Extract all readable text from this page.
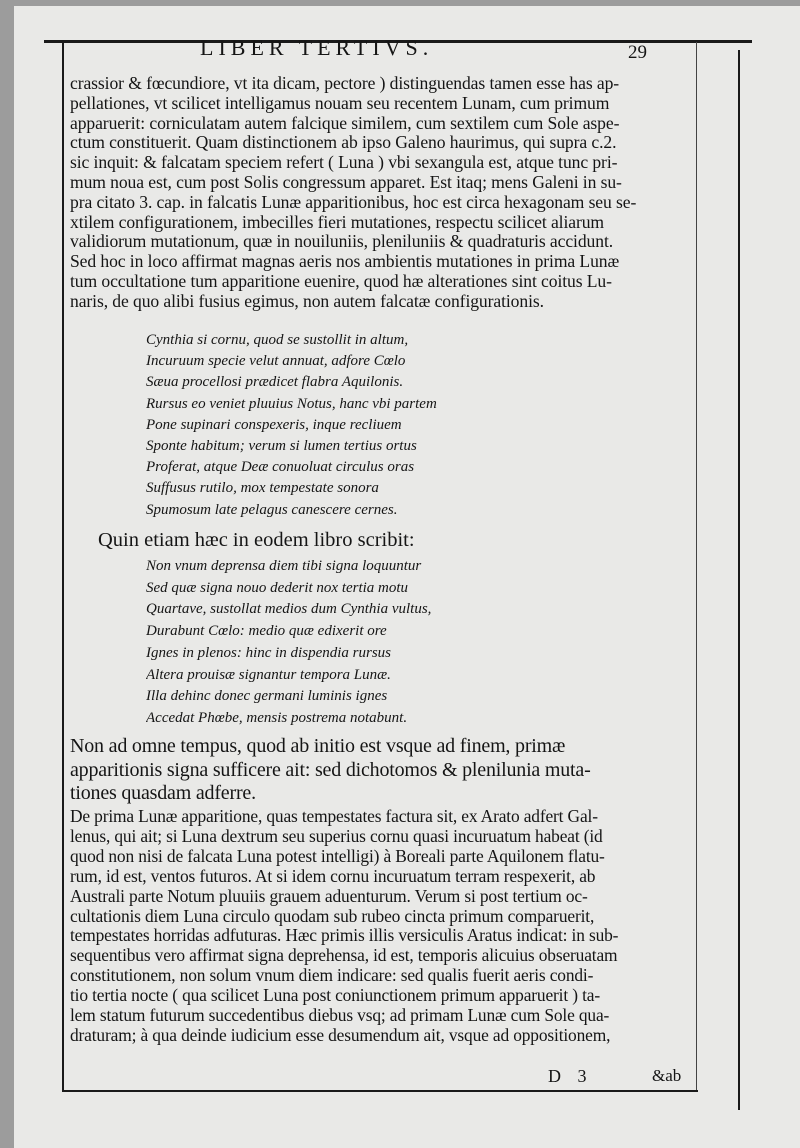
LIBER TERTIVS.	29
crassior & fœcundiore, vt ita dicam, pectore ) distinguendas tamen esse has ap-
pellationes, vt scilicet intelligamus nouam seu recentem Lunam, cum primum
apparuerit: corniculatam autem falcique similem, cum sextilem cum Sole aspe-
ctum constituerit. Quam distinctionem ab ipso Galeno haurimus, qui supra c.2.
sic inquit: & falcatam speciem refert ( Luna ) vbi sexangula est, atque tunc pri-
mum noua est, cum post Solis congressum apparet. Est itaq; mens Galeni in su-
pra citato 3. cap. in falcatis Lunæ apparitionibus, hoc est circa hexagonam seu se-
xtilem configurationem, imbecilles fieri mutationes, respectu scilicet aliarum
validiorum mutationum, quæ in nouiluniis, pleniluniis & quadraturis accidunt.
Sed hoc in loco affirmat magnas aeris nos ambientis mutationes in prima Lunæ
tum occultatione tum apparitione euenire, quod hæ alterationes sint coitus Lu-
naris, de quo alibi fusius egimus, non autem falcatæ configurationis.
Cynthia si cornu, quod se sustollit in altum,
Incuruum specie velut annuat, adfore Cœlo
Sæua procellosi prædicet flabra Aquilonis.
Rursus eo veniet pluuius Notus, hanc vbi partem
Pone supinari conspexeris, inque recliuem
Sponte habitum; verum si lumen tertius ortus
Proferat, atque Deæ conuoluat circulus oras
Suffusus rutilo, mox tempestate sonora
Spumosum late pelagus canescere cernes.
Quin etiam hæc in eodem libro scribit:
Non vnum deprensa diem tibi signa loquuntur
Sed quæ signa nouo dederit nox tertia motu
Quartave, sustollat medios dum Cynthia vultus,
Durabunt Cœlo: medio quæ edixerit ore
Ignes in plenos: hinc in dispendia rursus
Altera prouisæ signantur tempora Lunæ.
Illa dehinc donec germani luminis ignes
Accedat Phœbe, mensis postrema notabunt.
Non ad omne tempus, quod ab initio est vsque ad finem, primæ
apparitionis signa sufficere ait: sed dichotomos & plenilunia muta-
tiones quasdam adferre.
De prima Lunæ apparitione, quas tempestates factura sit, ex Arato adfert Gal-
lenus, qui ait; si Luna dextrum seu superius cornu quasi incuruatum habeat (id
quod non nisi de falcata Luna potest intelligi) à Boreali parte Aquilonem flatu-
rum, id est, ventos futuros. At si idem cornu incuruatum terram respexerit, ab
Australi parte Notum pluuiis grauem aduenturum. Verum si post tertium oc-
cultationis diem Luna circulo quodam sub rubeo cincta primum comparuerit,
tempestates horridas adfuturas. Hæc primis illis versiculis Aratus indicat: in sub-
sequentibus vero affirmat signa deprehensa, id est, temporis alicuius obseruatam
constitutionem, non solum vnum diem indicare: sed qualis fuerit aeris condi-
tio tertia nocte ( qua scilicet Luna post coniunctionem primum apparuerit ) ta-
lem statum futurum succedentibus diebus vsq; ad primam Lunæ cum Sole qua-
draturam; à qua deinde iudicium esse desumendum ait, vsque ad oppositionem,
D 3	&ab
